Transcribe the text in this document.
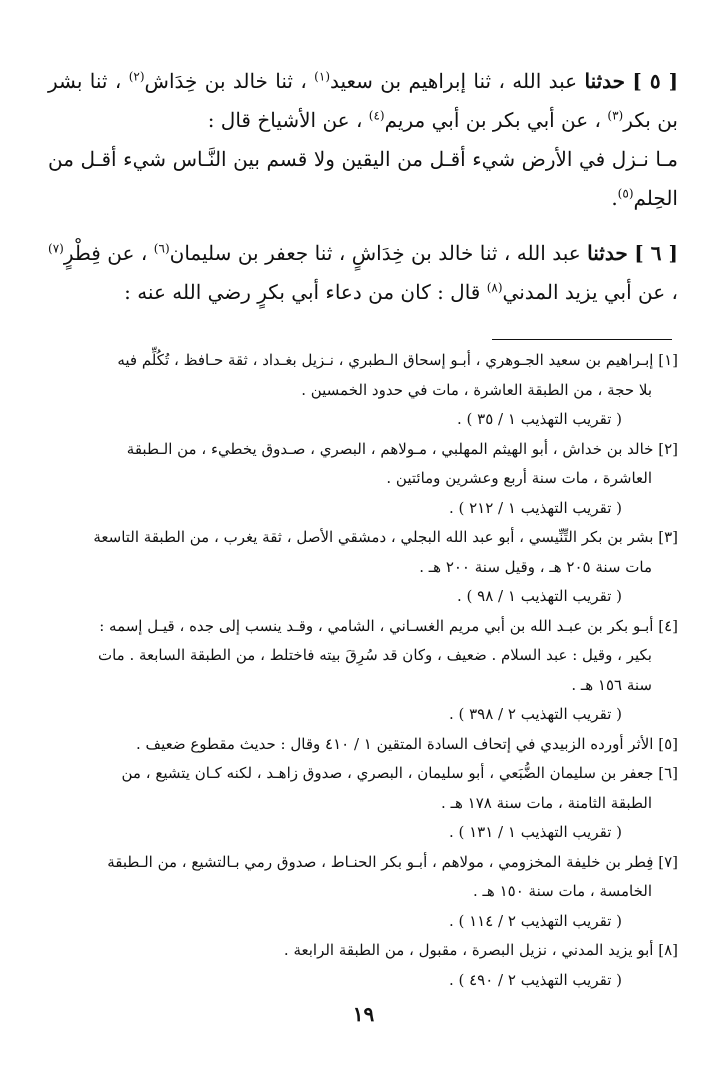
[ ٥ ] حدثنا عبد الله ، ثنا إبراهيم بن سعيد$^{(١)}$ ، ثنا خالد بن خِدَاش$^{(٢)}$ ، ثنا بشر بن بكر$^{(٣)}$ ، عن أبي بكر بن أبي مريم$^{(٤)}$ ، عن الأشياخ قال :

مـا نـزل في الأرض شيء أقـل من اليقين ولا قسم بين النَّـاس شيء أقـل من الحِلم$^{(٥)}$.

[ ٦ ] حدثنا عبد الله ، ثنا خالد بن خِدَاشٍ ، ثنا جعفر بن سليمان$^{(٦)}$ ، عن فِطْرٍ$^{(٧)}$ ، عن أبي يزيد المدني$^{(٨)}$ قال : كان من دعاء أبي بكرٍ رضي الله عنه :

[١] إبـراهيم بن سعيد الجـوهري ، أبـو إسحاق الـطبري ، نـزيل بغـداد ، ثقة حـافظ ، تُكُلِّم فيه

بلا حجة ، من الطبقة العاشرة ، مات في حدود الخمسين .

( تقريب التهذيب ١ / ٣٥ ) .

[٢] خالد بن خداش ، أبو الهيثم المهلبي ، مـولاهم ، البصري ، صـدوق يخطيء ، من الـطبقة

العاشرة ، مات سنة أربع وعشرين ومائتين .

( تقريب التهذيب ١ / ٢١٢ ) .

[٣] بشر بن بكر التِّنِّيسي ، أبو عبد الله البجلي ، دمشقي الأصل ، ثقة يغرب ، من الطبقة التاسعة

مات سنة ٢٠٥ هـ ، وقيل سنة ٢٠٠ هـ .

( تقريب التهذيب ١ / ٩٨ ) .

[٤] أبـو بكر بن عبـد الله بن أبي مريم الغسـاني ، الشامي ، وقـد ينسب إلى جده ، قيـل إسمه :

بكير ، وقيل : عبد السلام . ضعيف ، وكان قد سُرِقَ بيته فاختلط ، من الطبقة السابعة . مات

سنة ١٥٦ هـ .

( تقريب التهذيب ٢ / ٣٩٨ ) .

[٥] الأثر أورده الزبيدي في إتحاف السادة المتقين ١ / ٤١٠ وقال : حديث مقطوع ضعيف .

[٦] جعفر بن سليمان الضُّبَعي ، أبو سليمان ، البصري ، صدوق زاهـد ، لكنه كـان يتشيع ، من

الطبقة الثامنة ، مات سنة ١٧٨ هـ .

( تقريب التهذيب ١ / ١٣١ ) .

[٧] فِطر بن خليفة المخزومي ، مولاهم ، أبـو بكر الحنـاط ، صدوق رمي بـالتشيع ، من الـطبقة

الخامسة ، مات سنة ١٥٠ هـ .

( تقريب التهذيب ٢ / ١١٤ ) .

[٨] أبو يزيد المدني ، نزيل البصرة ، مقبول ، من الطبقة الرابعة .

( تقريب التهذيب ٢ / ٤٩٠ ) .

١٩
